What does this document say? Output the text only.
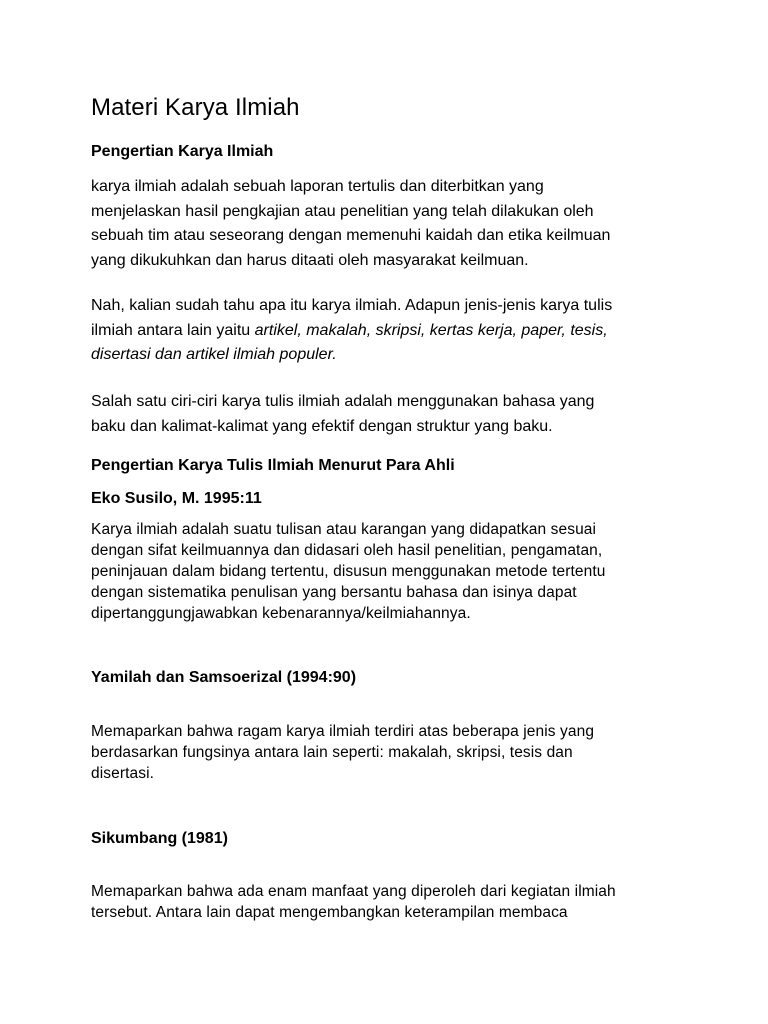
Materi Karya Ilmiah
Pengertian Karya Ilmiah

karya ilmiah adalah sebuah laporan tertulis dan diterbitkan yang
menjelaskan hasil pengkajian atau penelitian yang telah dilakukan oleh
sebuah tim atau seseorang dengan memenuhi kaidah dan etika keilmuan
yang dikukuhkan dan harus ditaati oleh masyarakat keilmuan.

Nah, kalian sudah tahu apa itu karya ilmiah. Adapun jenis-jenis karya tulis
ilmiah antara lain yaitu artikel, makalah, skripsi, kertas kerja, paper, tesis,
disertasi dan artikel ilmiah populer.

Salah satu ciri-ciri karya tulis ilmiah adalah menggunakan bahasa yang
baku dan kalimat-kalimat yang efektif dengan struktur yang baku.

Pengertian Karya Tulis Ilmiah Menurut Para Ahli
Eko Susilo, M. 1995:11

Karya ilmiah adalah suatu tulisan atau karangan yang didapatkan sesuai
dengan sifat keilmuannya dan didasari oleh hasil penelitian, pengamatan,
peninjauan dalam bidang tertentu, disusun menggunakan metode tertentu
dengan sistematika penulisan yang bersantu bahasa dan isinya dapat
dipertanggungjawabkan kebenarannya/keilmiahannya.

Yamilah dan Samsoerizal (1994:90)

Memaparkan bahwa ragam karya ilmiah terdiri atas beberapa jenis yang
berdasarkan fungsinya antara lain seperti: makalah, skripsi, tesis dan
disertasi.

Sikumbang (1981)

Memaparkan bahwa ada enam manfaat yang diperoleh dari kegiatan ilmiah
tersebut. Antara lain dapat mengembangkan keterampilan membaca
